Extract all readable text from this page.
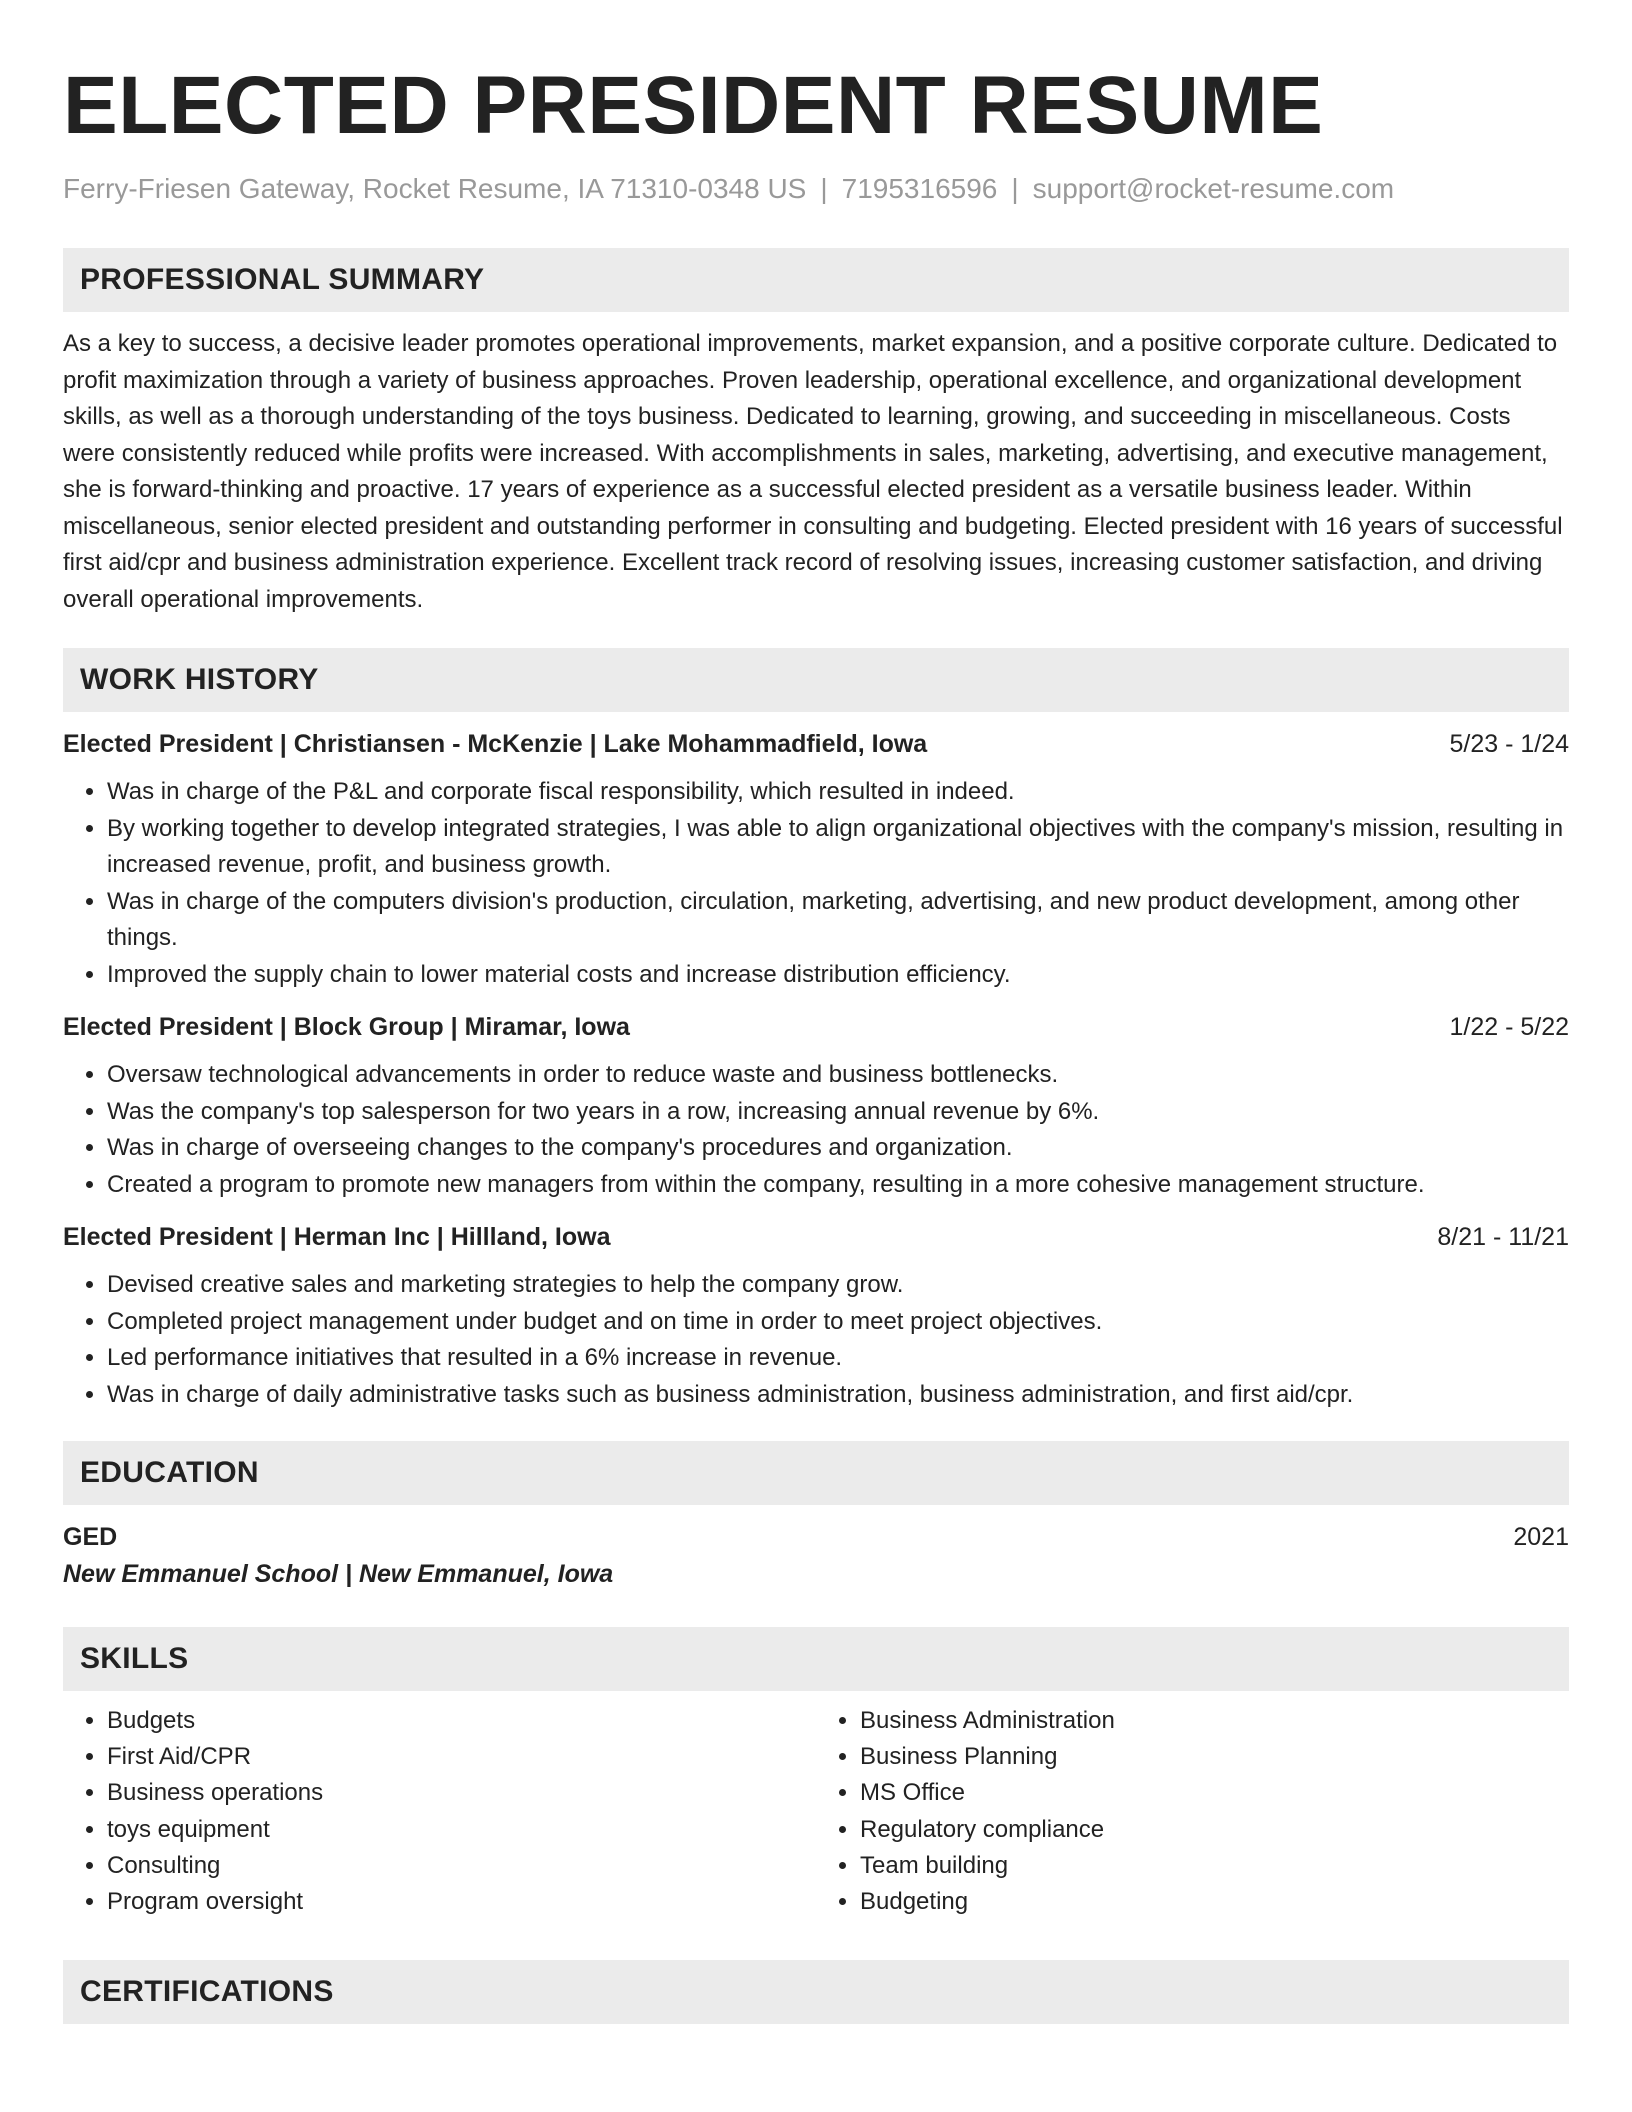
ELECTED PRESIDENT RESUME
Ferry-Friesen Gateway, Rocket Resume, IA 71310-0348 US | 7195316596 | support@rocket-resume.com
PROFESSIONAL SUMMARY
As a key to success, a decisive leader promotes operational improvements, market expansion, and a positive corporate culture. Dedicated to profit maximization through a variety of business approaches. Proven leadership, operational excellence, and organizational development skills, as well as a thorough understanding of the toys business. Dedicated to learning, growing, and succeeding in miscellaneous. Costs were consistently reduced while profits were increased. With accomplishments in sales, marketing, advertising, and executive management, she is forward-thinking and proactive. 17 years of experience as a successful elected president as a versatile business leader. Within miscellaneous, senior elected president and outstanding performer in consulting and budgeting. Elected president with 16 years of successful first aid/cpr and business administration experience. Excellent track record of resolving issues, increasing customer satisfaction, and driving overall operational improvements.
WORK HISTORY
Elected President | Christiansen - McKenzie | Lake Mohammadfield, Iowa	5/23 - 1/24
• Was in charge of the P&L and corporate fiscal responsibility, which resulted in indeed.
• By working together to develop integrated strategies, I was able to align organizational objectives with the company's mission, resulting in increased revenue, profit, and business growth.
• Was in charge of the computers division's production, circulation, marketing, advertising, and new product development, among other things.
• Improved the supply chain to lower material costs and increase distribution efficiency.
Elected President | Block Group | Miramar, Iowa	1/22 - 5/22
• Oversaw technological advancements in order to reduce waste and business bottlenecks.
• Was the company's top salesperson for two years in a row, increasing annual revenue by 6%.
• Was in charge of overseeing changes to the company's procedures and organization.
• Created a program to promote new managers from within the company, resulting in a more cohesive management structure.
Elected President | Herman Inc | Hillland, Iowa	8/21 - 11/21
• Devised creative sales and marketing strategies to help the company grow.
• Completed project management under budget and on time in order to meet project objectives.
• Led performance initiatives that resulted in a 6% increase in revenue.
• Was in charge of daily administrative tasks such as business administration, business administration, and first aid/cpr.
EDUCATION
GED	2021
New Emmanuel School | New Emmanuel, Iowa
SKILLS
• Budgets
• First Aid/CPR
• Business operations
• toys equipment
• Consulting
• Program oversight
• Business Administration
• Business Planning
• MS Office
• Regulatory compliance
• Team building
• Budgeting
CERTIFICATIONS
